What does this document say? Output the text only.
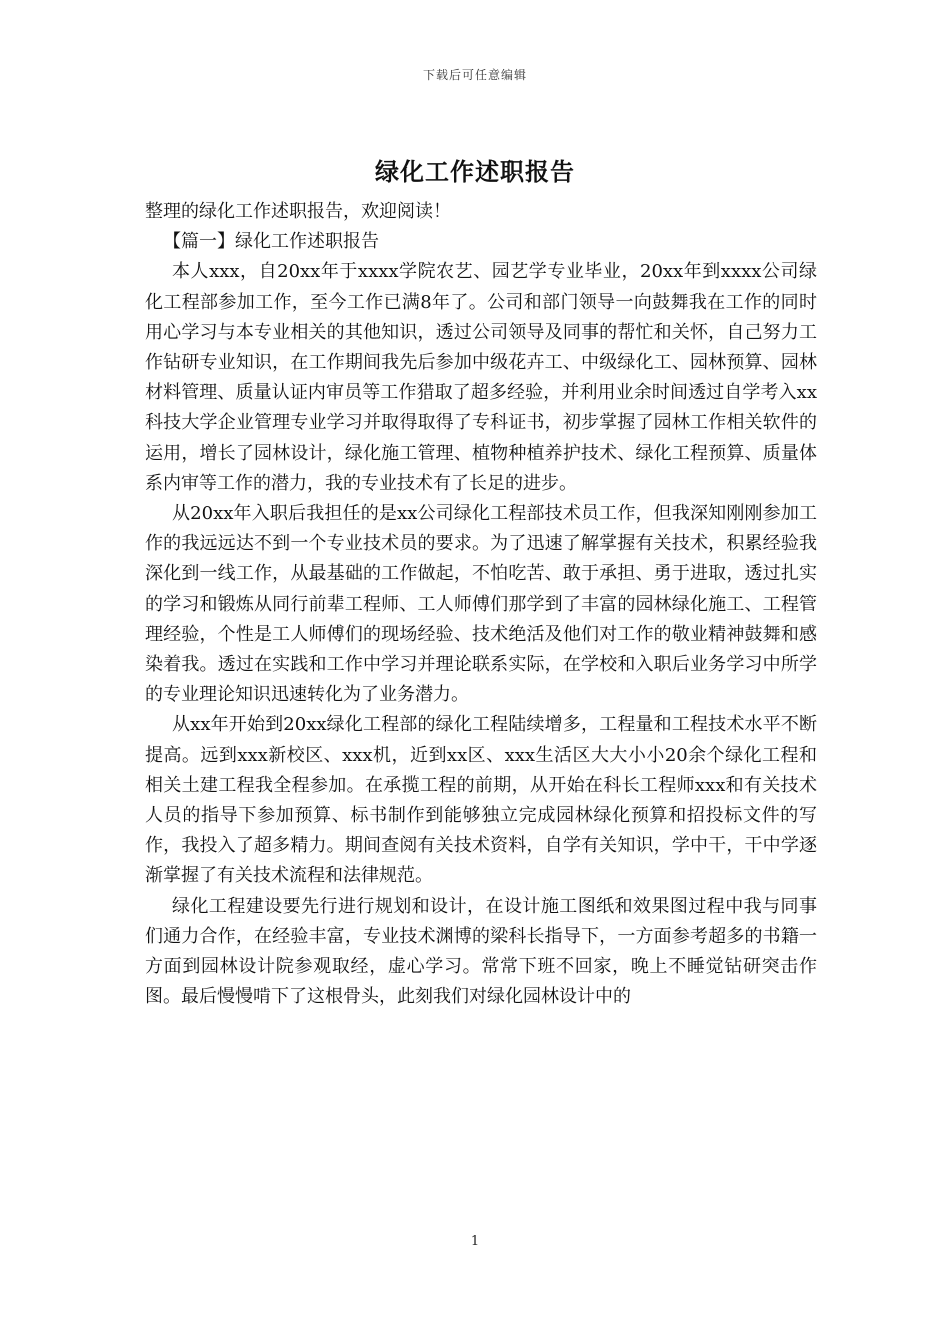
下载后可任意编辑
绿化工作述职报告

整理的绿化工作述职报告，欢迎阅读！

【篇一】绿化工作述职报告

本人xxx，自20xx年于xxxx学院农艺、园艺学专业毕业，20xx年到xxxx公司绿化工程部参加工作，至今工作已满8年了。公司和部门领导一向鼓舞我在工作的同时用心学习与本专业相关的其他知识，透过公司领导及同事的帮忙和关怀，自己努力工作钻研专业知识，在工作期间我先后参加中级花卉工、中级绿化工、园林预算、园林材料管理、质量认证内审员等工作猎取了超多经验，并利用业余时间透过自学考入xx科技大学企业管理专业学习并取得取得了专科证书，初步掌握了园林工作相关软件的运用，增长了园林设计，绿化施工管理、植物种植养护技术、绿化工程预算、质量体系内审等工作的潜力，我的专业技术有了长足的进步。

从20xx年入职后我担任的是xx公司绿化工程部技术员工作，但我深知刚刚参加工作的我远远达不到一个专业技术员的要求。为了迅速了解掌握有关技术，积累经验我深化到一线工作，从最基础的工作做起，不怕吃苦、敢于承担、勇于进取，透过扎实的学习和锻炼从同行前辈工程师、工人师傅们那学到了丰富的园林绿化施工、工程管理经验，个性是工人师傅们的现场经验、技术绝活及他们对工作的敬业精神鼓舞和感染着我。透过在实践和工作中学习并理论联系实际，在学校和入职后业务学习中所学的专业理论知识迅速转化为了业务潜力。

从xx年开始到20xx绿化工程部的绿化工程陆续增多，工程量和工程技术水平不断提高。远到xxx新校区、xxx机，近到xx区、xxx生活区大大小小20余个绿化工程和相关土建工程我全程参加。在承揽工程的前期，从开始在科长工程师xxx和有关技术人员的指导下参加预算、标书制作到能够独立完成园林绿化预算和招投标文件的写作，我投入了超多精力。期间查阅有关技术资料，自学有关知识，学中干，干中学逐渐掌握了有关技术流程和法律规范。

绿化工程建设要先行进行规划和设计，在设计施工图纸和效果图过程中我与同事们通力合作，在经验丰富，专业技术渊博的梁科长指导下，一方面参考超多的书籍一方面到园林设计院参观取经，虚心学习。常常下班不回家，晚上不睡觉钻研突击作图。最后慢慢啃下了这根骨头，此刻我们对绿化园林设计中的

1
